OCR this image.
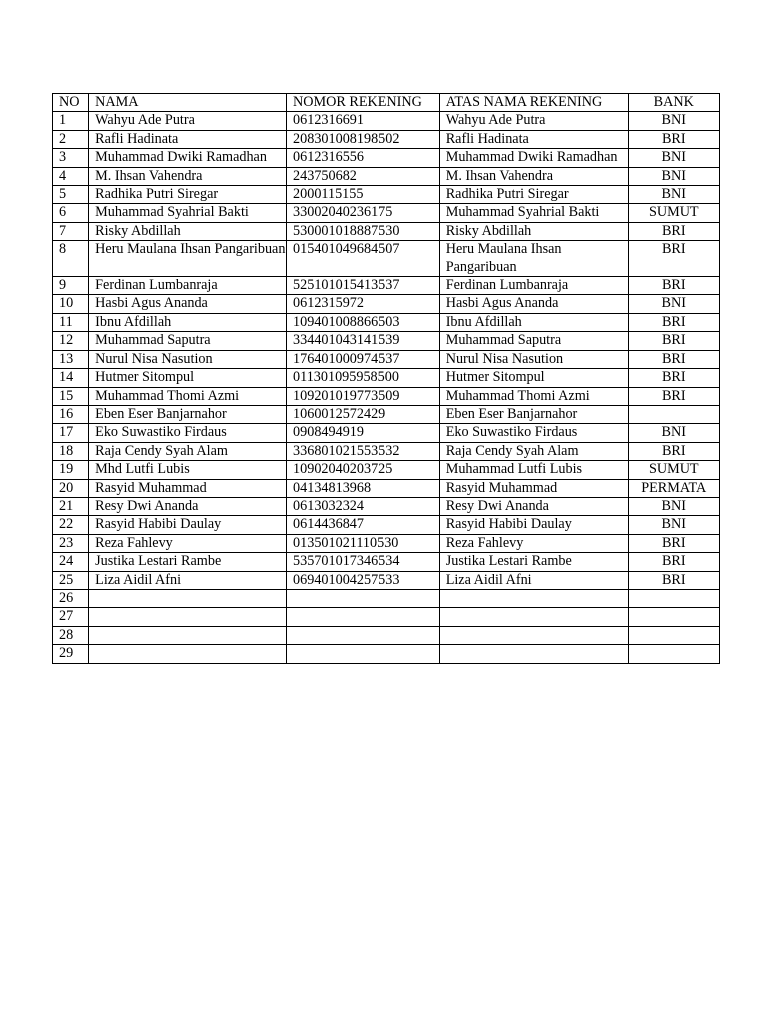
NO	NAMA	NOMOR REKENING	ATAS NAMA REKENING	BANK
1	Wahyu Ade Putra	0612316691	Wahyu Ade Putra	BNI
2	Rafli Hadinata	208301008198502	Rafli Hadinata	BRI
3	Muhammad Dwiki Ramadhan	0612316556	Muhammad Dwiki Ramadhan	BNI
4	M. Ihsan Vahendra	243750682	M. Ihsan Vahendra	BNI
5	Radhika Putri Siregar	2000115155	Radhika Putri Siregar	BNI
6	Muhammad Syahrial Bakti	33002040236175	Muhammad Syahrial Bakti	SUMUT
7	Risky Abdillah	530001018887530	Risky Abdillah	BRI
8	Heru Maulana Ihsan Pangaribuan	015401049684507	Heru Maulana Ihsan Pangaribuan	BRI
9	Ferdinan Lumbanraja	525101015413537	Ferdinan Lumbanraja	BRI
10	Hasbi Agus Ananda	0612315972	Hasbi Agus Ananda	BNI
11	Ibnu Afdillah	109401008866503	Ibnu Afdillah	BRI
12	Muhammad Saputra	334401043141539	Muhammad Saputra	BRI
13	Nurul Nisa Nasution	176401000974537	Nurul Nisa Nasution	BRI
14	Hutmer Sitompul	011301095958500	Hutmer Sitompul	BRI
15	Muhammad Thomi Azmi	109201019773509	Muhammad Thomi Azmi	BRI
16	Eben Eser Banjarnahor	1060012572429	Eben Eser Banjarnahor	
17	Eko Suwastiko Firdaus	0908494919	Eko Suwastiko Firdaus	BNI
18	Raja Cendy Syah Alam	336801021553532	Raja Cendy Syah Alam	BRI
19	Mhd Lutfi Lubis	10902040203725	Muhammad Lutfi Lubis	SUMUT
20	Rasyid Muhammad	04134813968	Rasyid Muhammad	PERMATA
21	Resy Dwi Ananda	0613032324	Resy Dwi Ananda	BNI
22	Rasyid Habibi Daulay	0614436847	Rasyid Habibi Daulay	BNI
23	Reza Fahlevy	013501021110530	Reza Fahlevy	BRI
24	Justika Lestari Rambe	535701017346534	Justika Lestari Rambe	BRI
25	Liza Aidil Afni	069401004257533	Liza Aidil Afni	BRI
26				
27				
28				
29				
